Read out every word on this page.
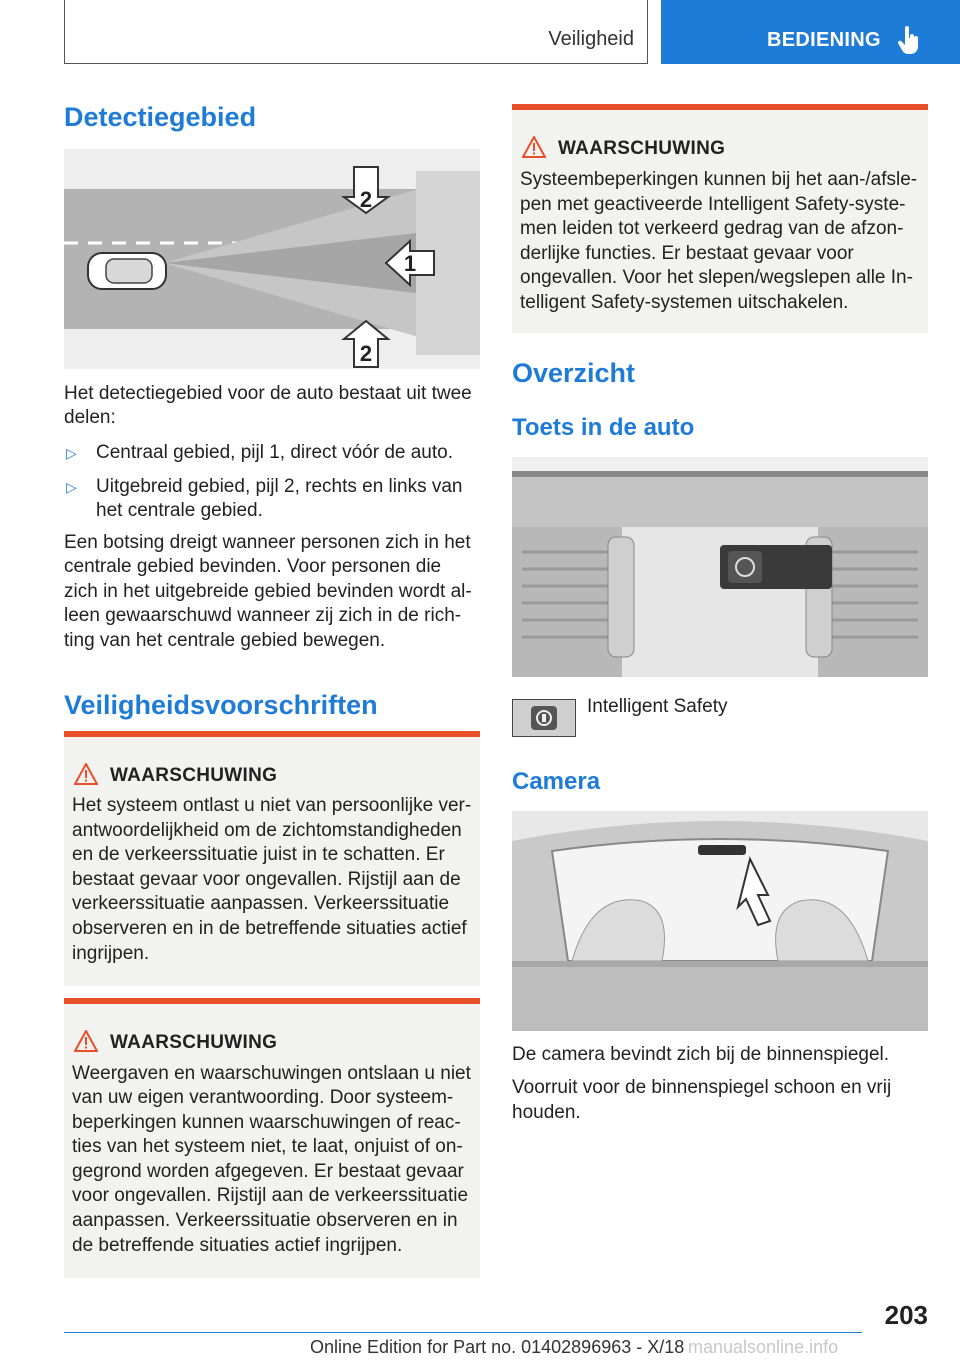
Veiligheid	BEDIENING
Detectiegebied
2
1
2
Het detectiegebied voor de auto bestaat uit twee
delen:
▷ Centraal gebied, pijl 1, direct vóór de auto.
▷ Uitgebreid gebied, pijl 2, rechts en links van
het centrale gebied.
Een botsing dreigt wanneer personen zich in het
centrale gebied bevinden. Voor personen die
zich in het uitgebreide gebied bevinden wordt al-
leen gewaarschuwd wanneer zij zich in de rich-
ting van het centrale gebied bewegen.
Veiligheidsvoorschriften
WAARSCHUWING
Het systeem ontlast u niet van persoonlijke ver-
antwoordelijkheid om de zichtomstandigheden
en de verkeerssituatie juist in te schatten. Er
bestaat gevaar voor ongevallen. Rijstijl aan de
verkeerssituatie aanpassen. Verkeerssituatie
observeren en in de betreffende situaties actief
ingrijpen.
WAARSCHUWING
Weergaven en waarschuwingen ontslaan u niet
van uw eigen verantwoording. Door systeem-
beperkingen kunnen waarschuwingen of reac-
ties van het systeem niet, te laat, onjuist of on-
gegrond worden afgegeven. Er bestaat gevaar
voor ongevallen. Rijstijl aan de verkeerssituatie
aanpassen. Verkeerssituatie observeren en in
de betreffende situaties actief ingrijpen.
WAARSCHUWING
Systeembeperkingen kunnen bij het aan-/afsle-
pen met geactiveerde Intelligent Safety-syste-
men leiden tot verkeerd gedrag van de afzon-
derlijke functies. Er bestaat gevaar voor
ongevallen. Voor het slepen/wegslepen alle In-
telligent Safety-systemen uitschakelen.
Overzicht
Toets in de auto
Intelligent Safety
Camera
De camera bevindt zich bij de binnenspiegel.
Voorruit voor de binnenspiegel schoon en vrij
houden.
203
Online Edition for Part no. 01402896963 - X/18 manualsonline.info
